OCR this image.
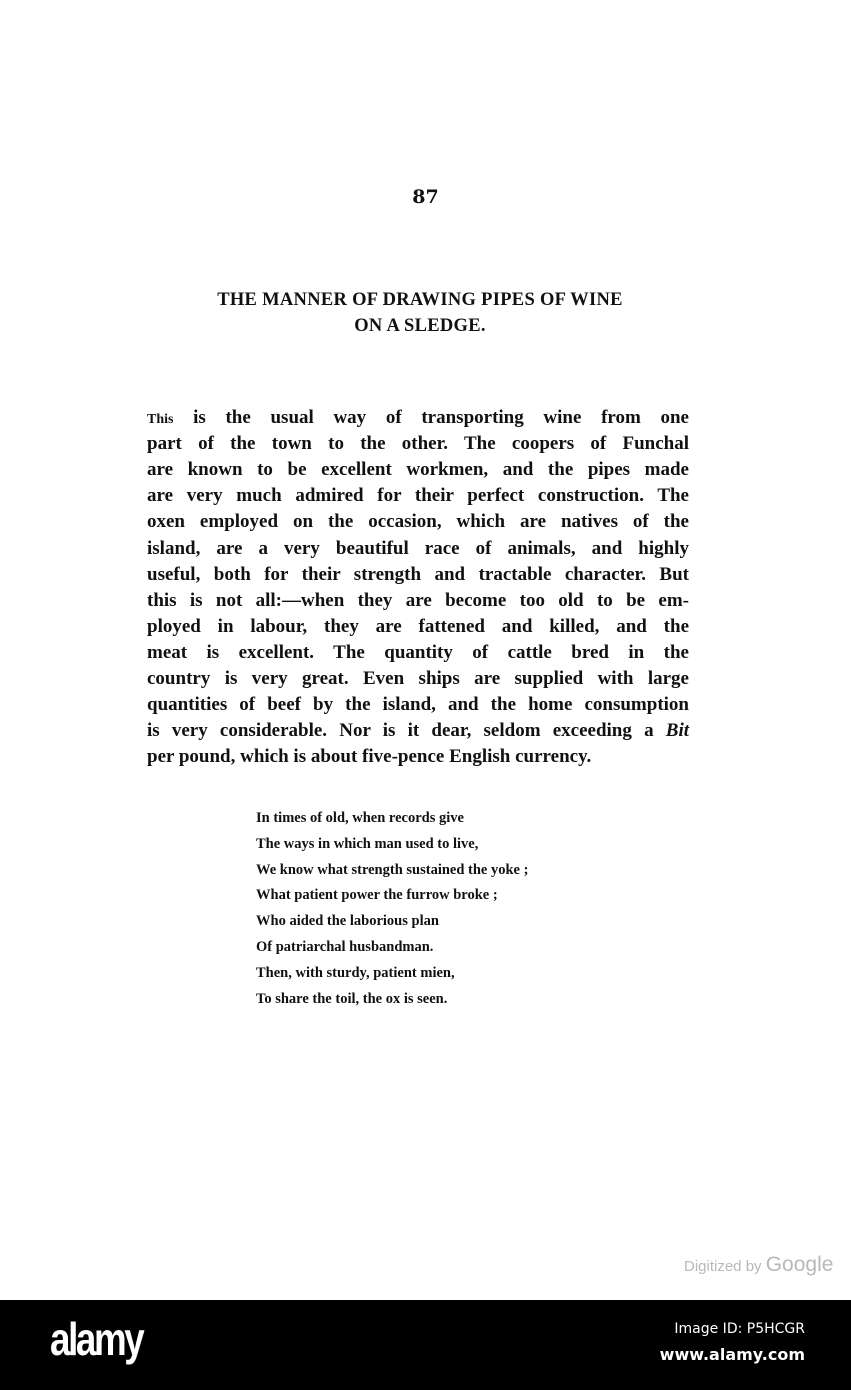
87
THE MANNER OF DRAWING PIPES OF WINE
ON A SLEDGE.
This is the usual way of transporting wine from one
part of the town to the other. The coopers of Funchal
are known to be excellent workmen, and the pipes made
are very much admired for their perfect construction. The
oxen employed on the occasion, which are natives of the
island, are a very beautiful race of animals, and highly
useful, both for their strength and tractable character. But
this is not all:—when they are become too old to be em-
ployed in labour, they are fattened and killed, and the
meat is excellent. The quantity of cattle bred in the
country is very great. Even ships are supplied with large
quantities of beef by the island, and the home consumption
is very considerable. Nor is it dear, seldom exceeding a Bit
per pound, which is about five-pence English currency.
In times of old, when records give
The ways in which man used to live,
We know what strength sustained the yoke ;
What patient power the furrow broke ;
Who aided the laborious plan
Of patriarchal husbandman.
Then, with sturdy, patient mien,
To share the toil, the ox is seen.
Digitized by Google
alamy	Image ID: P5HCGR
www.alamy.com
